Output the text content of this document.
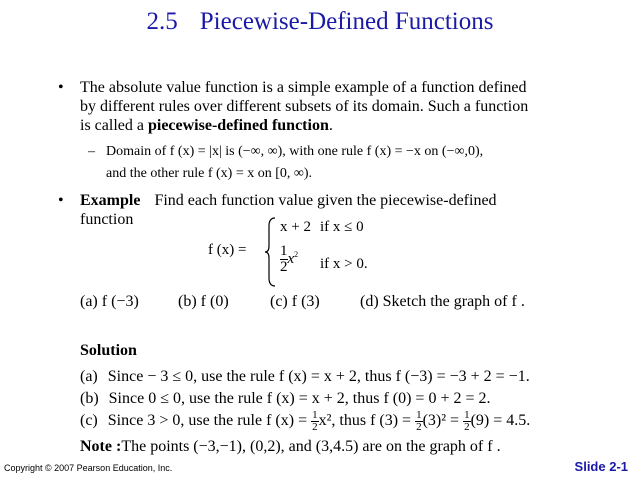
2.5 Piecewise-Defined Functions
• The absolute value function is a simple example of a function defined
by different rules over different subsets of its domain. Such a function
is called a piecewise-defined function.
– Domain of f (x) = |x| is (−∞, ∞), with one rule f (x) = −x on (−∞,0),
and the other rule f (x) = x on [0, ∞).
• Example Find each function value given the piecewise-defined
function
f (x) =
x + 2 if x ≤ 0
$\frac{1}{2} x^2$
if x > 0.
(a) f (−3) (b) f (0)	(c) f (3)	(d) Sketch the graph of f .
Solution
(a) Since − 3 ≤ 0, use the rule f (x) = x + 2, thus f (−3) = −3 + 2 = −1.
(b) Since 0 ≤ 0, use the rule f (x) = x + 2, thus f (0) = 0 + 2 = 2.
(c) Since 3 > 0, use the rule f $(x) = \frac{1}{2} x^2$, thus f $(3) = \frac{1}{2} (3)^2 = \frac{1}{2} (9) = 4.5$.
Note :The points (−3,−1), (0,2), and (3,4.5) are on the graph of f .
Copyright © 2007 Pearson Education, Inc.	Slide 2-1
